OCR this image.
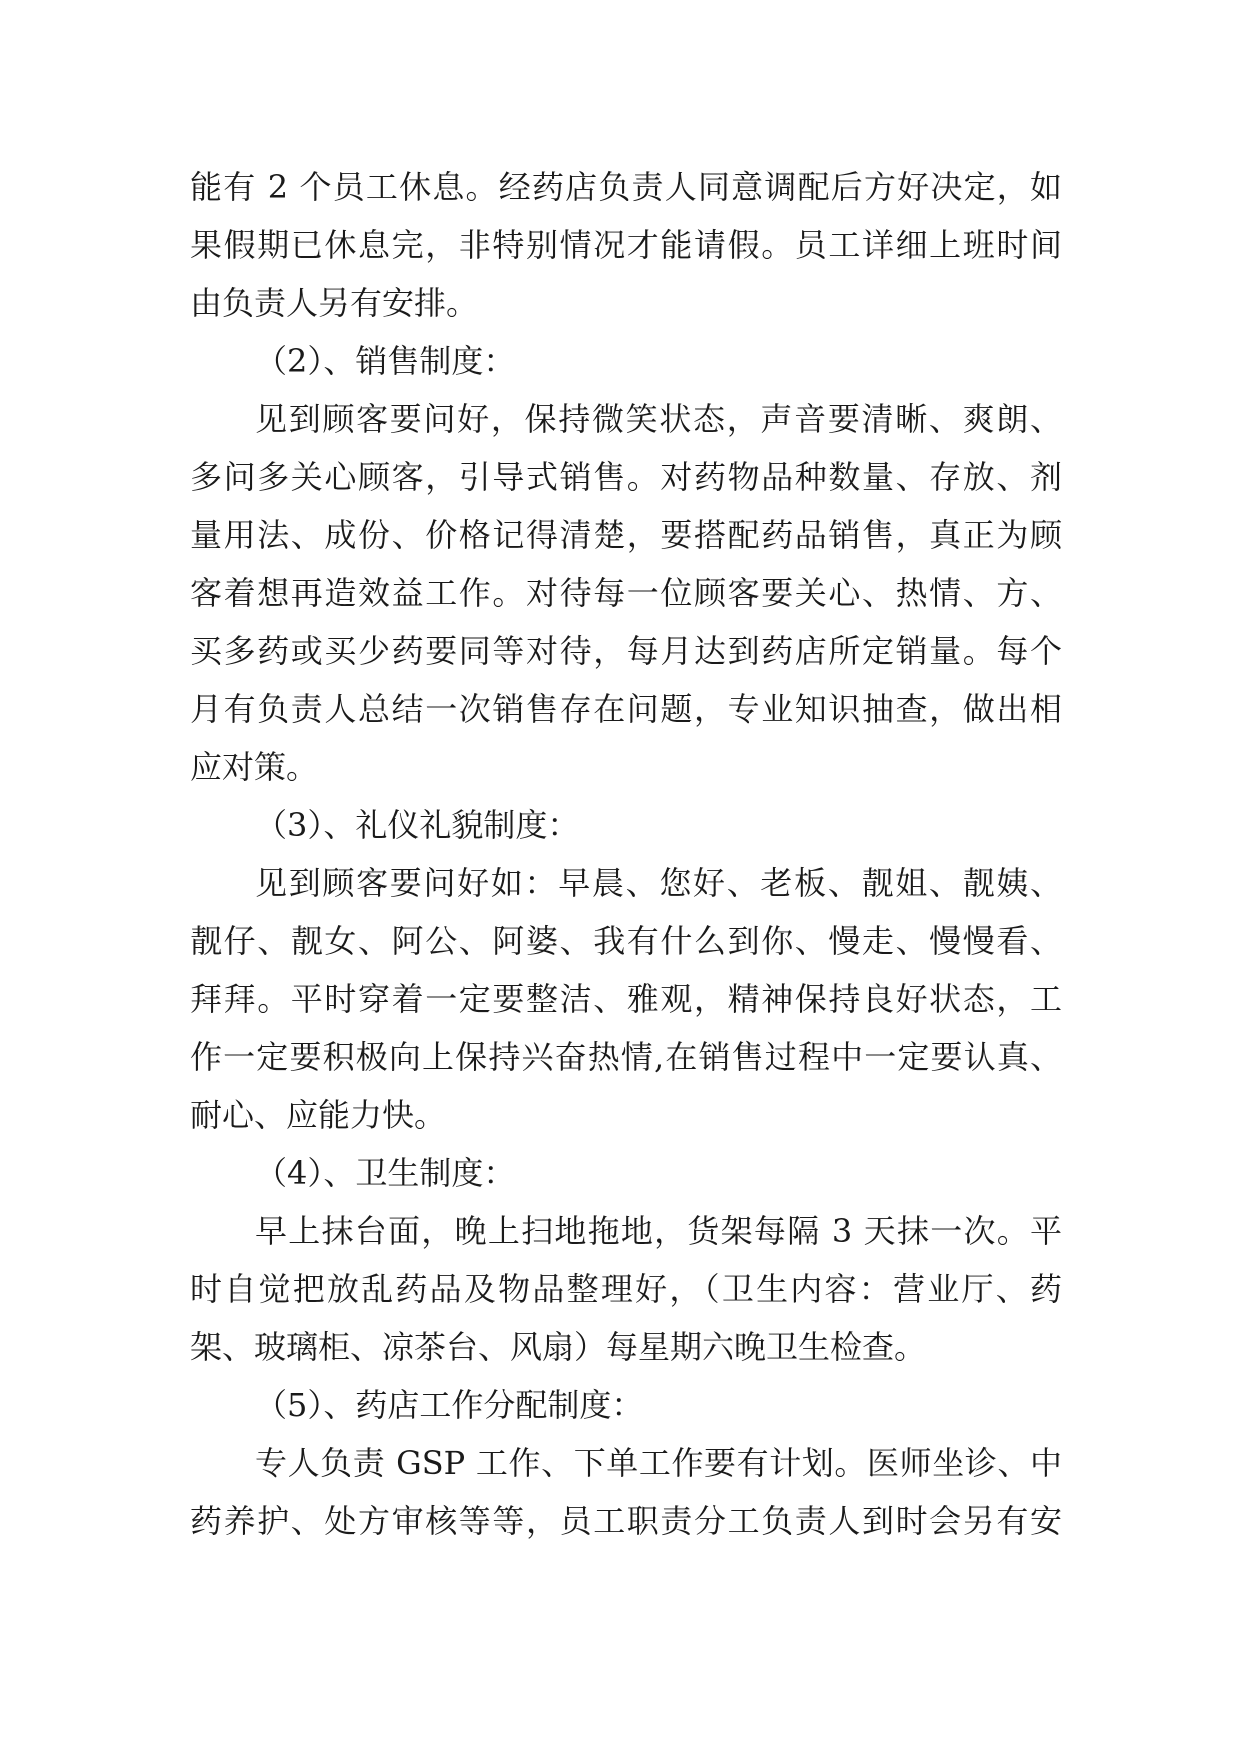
能有 2 个员工休息。经药店负责人同意调配后方好决定，如
果假期已休息完，非特别情况才能请假。员工详细上班时间
由负责人另有安排。
（2）、销售制度：
见到顾客要问好，保持微笑状态，声音要清晰、爽朗、
多问多关心顾客，引导式销售。对药物品种数量、存放、剂
量用法、成份、价格记得清楚，要搭配药品销售，真正为顾
客着想再造效益工作。对待每一位顾客要关心、热情、方、
买多药或买少药要同等对待，每月达到药店所定销量。每个
月有负责人总结一次销售存在问题，专业知识抽查，做出相
应对策。
（3）、礼仪礼貌制度：
见到顾客要问好如：早晨、您好、老板、靓姐、靓姨、
靓仔、靓女、阿公、阿婆、我有什么到你、慢走、慢慢看、
拜拜。平时穿着一定要整洁、雅观，精神保持良好状态，工
作一定要积极向上保持兴奋热情,在销售过程中一定要认真、
耐心、应能力快。
（4）、卫生制度：
早上抹台面，晚上扫地拖地，货架每隔 3 天抹一次。平
时自觉把放乱药品及物品整理好，（卫生内容：营业厅、药
架、玻璃柜、凉茶台、风扇）每星期六晚卫生检查。
（5）、药店工作分配制度：
专人负责 GSP 工作、下单工作要有计划。医师坐诊、中
药养护、处方审核等等，员工职责分工负责人到时会另有安
